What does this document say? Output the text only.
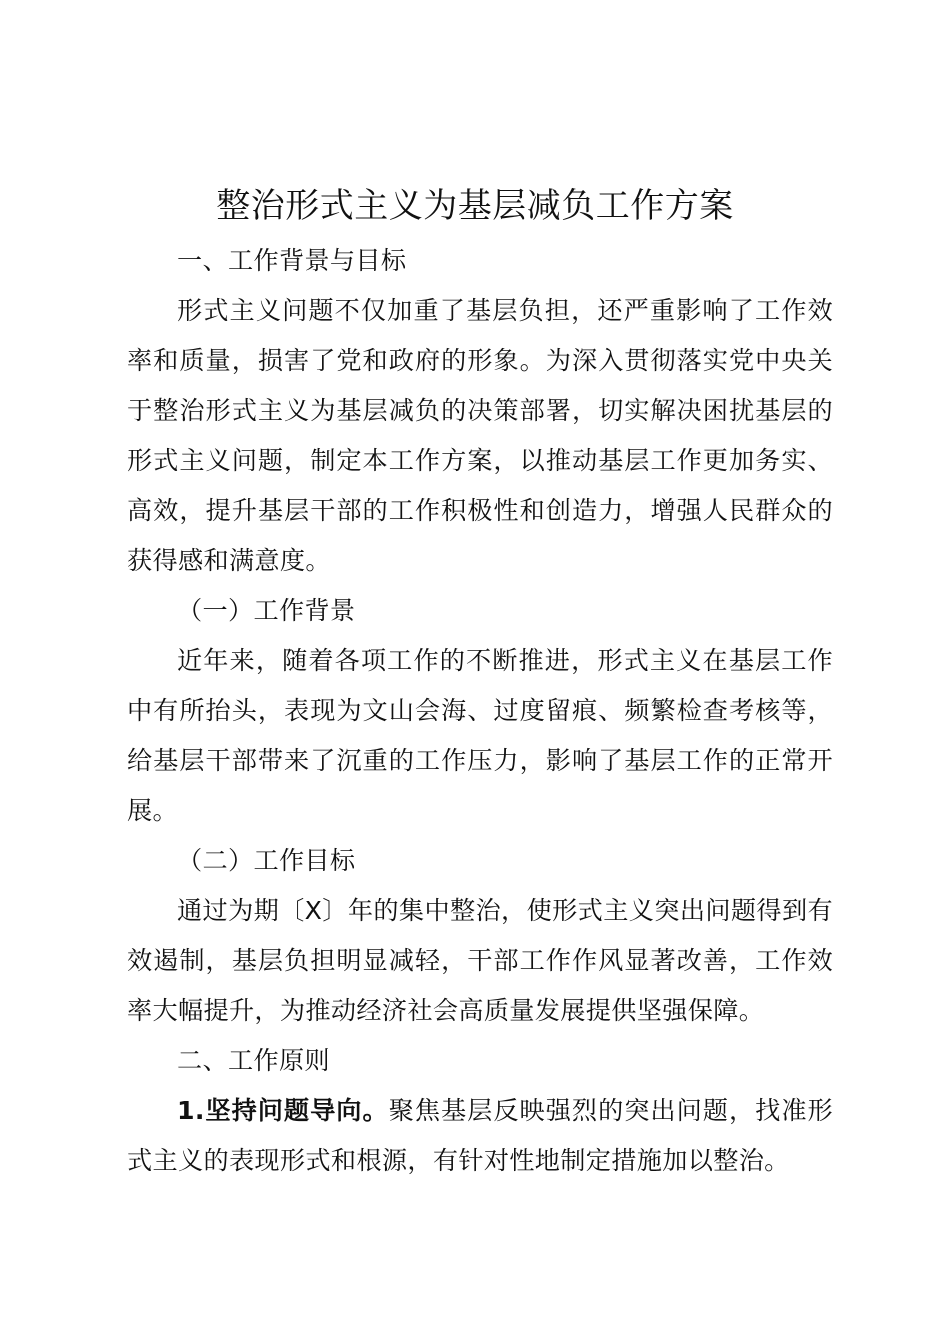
整治形式主义为基层减负工作方案

一、工作背景与目标

形式主义问题不仅加重了基层负担，还严重影响了工作效率和质量，损害了党和政府的形象。为深入贯彻落实党中央关于整治形式主义为基层减负的决策部署，切实解决困扰基层的形式主义问题，制定本工作方案，以推动基层工作更加务实、高效，提升基层干部的工作积极性和创造力，增强人民群众的获得感和满意度。

（一）工作背景

近年来，随着各项工作的不断推进，形式主义在基层工作中有所抬头，表现为文山会海、过度留痕、频繁检查考核等，给基层干部带来了沉重的工作压力，影响了基层工作的正常开展。

（二）工作目标

通过为期〔X〕年的集中整治，使形式主义突出问题得到有效遏制，基层负担明显减轻，干部工作作风显著改善，工作效率大幅提升，为推动经济社会高质量发展提供坚强保障。

二、工作原则

1.坚持问题导向。聚焦基层反映强烈的突出问题，找准形式主义的表现形式和根源，有针对性地制定措施加以整治。
